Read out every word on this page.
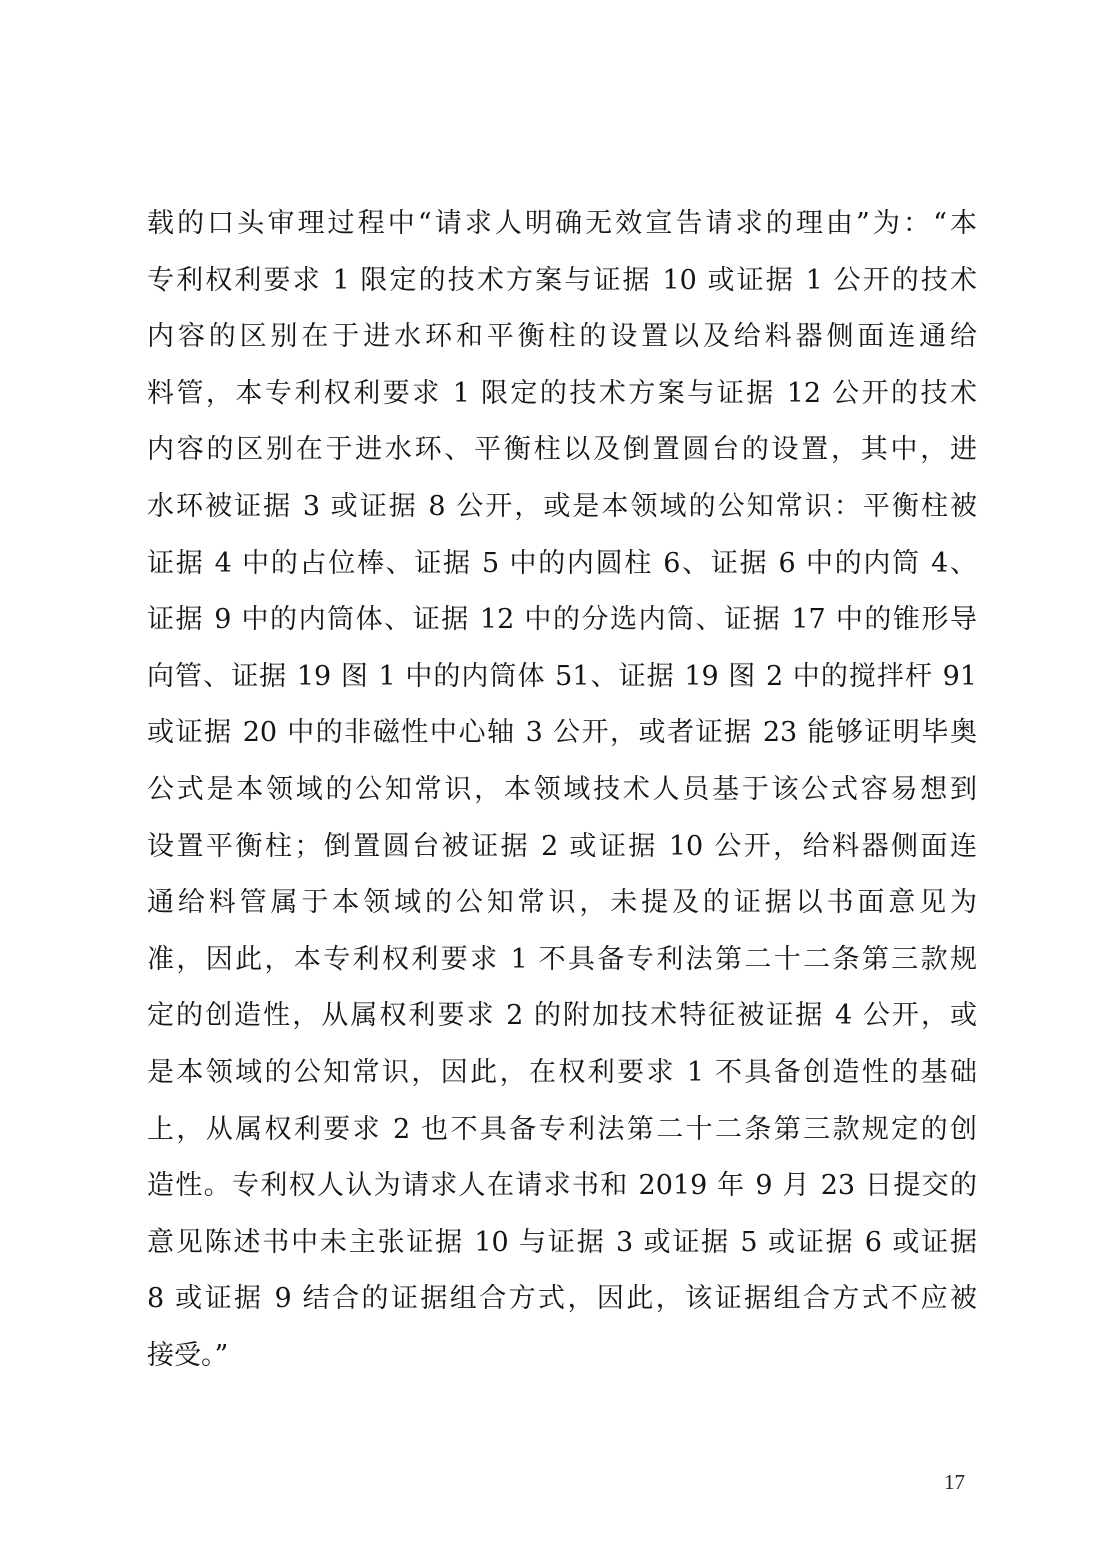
载的口头审理过程中“请求人明确无效宣告请求的理由”为：“本
专利权利要求 1 限定的技术方案与证据 10 或证据 1 公开的技术
内容的区别在于进水环和平衡柱的设置以及给料器侧面连通给
料管，本专利权利要求 1 限定的技术方案与证据 12 公开的技术
内容的区别在于进水环、平衡柱以及倒置圆台的设置，其中，进
水环被证据 3 或证据 8 公开，或是本领域的公知常识：平衡柱被
证据 4 中的占位棒、证据 5 中的内圆柱 6、证据 6 中的内筒 4、
证据 9 中的内筒体、证据 12 中的分选内筒、证据 17 中的锥形导
向管、证据 19 图 1 中的内筒体 51、证据 19 图 2 中的搅拌杆 91
或证据 20 中的非磁性中心轴 3 公开，或者证据 23 能够证明毕奥
公式是本领域的公知常识，本领域技术人员基于该公式容易想到
设置平衡柱；倒置圆台被证据 2 或证据 10 公开，给料器侧面连
通给料管属于本领域的公知常识，未提及的证据以书面意见为
准，因此，本专利权利要求 1 不具备专利法第二十二条第三款规
定的创造性，从属权利要求 2 的附加技术特征被证据 4 公开，或
是本领域的公知常识，因此，在权利要求 1 不具备创造性的基础
上，从属权利要求 2 也不具备专利法第二十二条第三款规定的创
造性。专利权人认为请求人在请求书和 2019 年 9 月 23 日提交的
意见陈述书中未主张证据 10 与证据 3 或证据 5 或证据 6 或证据
8 或证据 9 结合的证据组合方式，因此，该证据组合方式不应被
接受。”
17
